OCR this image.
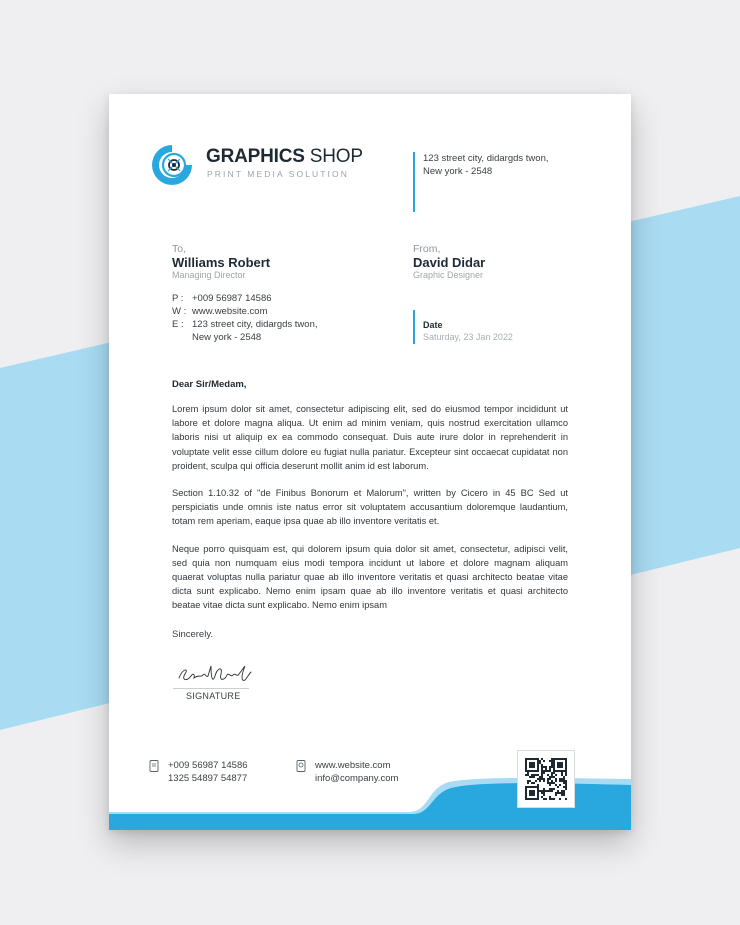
GRAPHICS SHOP
PRINT MEDIA SOLUTION
123 street city, didargds twon,
New york - 2548
To,
Williams Robert
Managing Director
P : +009 56987 14586
W : www.website.com
E : 123 street city, didargds twon,
New york - 2548
From,
David Didar
Graphic Designer
Date
Saturday, 23 Jan 2022
Dear Sir/Medam,

Lorem ipsum dolor sit amet, consectetur adipiscing elit, sed do eiusmod tempor incididunt ut labore et dolore magna aliqua. Ut enim ad minim veniam, quis nostrud exercitation ullamco laboris nisi ut aliquip ex ea commodo consequat. Duis aute irure dolor in reprehenderit in voluptate velit esse cillum dolore eu fugiat nulla pariatur. Excepteur sint occaecat cupidatat non proident, sculpa qui officia deserunt mollit anim id est laborum.

Section 1.10.32 of "de Finibus Bonorum et Malorum", written by Cicero in 45 BC Sed ut perspiciatis unde omnis iste natus error sit voluptatem accusantium doloremque laudantium, totam rem aperiam, eaque ipsa quae ab illo inventore veritatis et.

Neque porro quisquam est, qui dolorem ipsum quia dolor sit amet, consectetur, adipisci velit, sed quia non numquam eius modi tempora incidunt ut labore et dolore magnam aliquam quaerat voluptas nulla pariatur quae ab illo inventore veritatis et quasi architecto beatae vitae dicta sunt explicabo. Nemo enim ipsam quae ab illo inventore veritatis et quasi architecto beatae vitae dicta sunt explicabo. Nemo enim ipsam

Sincerely.
SIGNATURE
+009 56987 14586
1325 54897 54877
www.website.com
info@company.com
